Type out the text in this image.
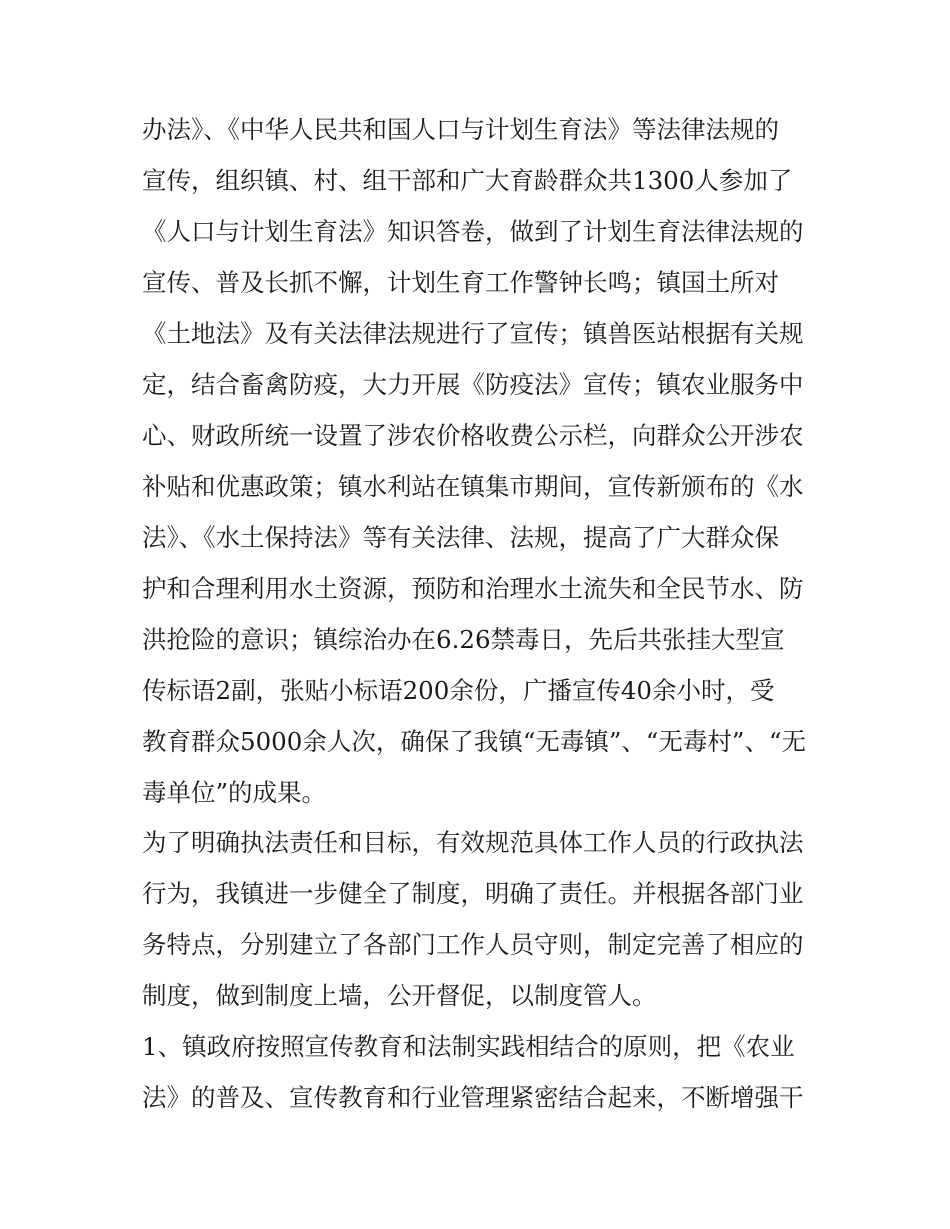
办法》、《中华人民共和国人口与计划生育法》等法律法规的
宣传，组织镇、村、组干部和广大育龄群众共1300人参加了
《人口与计划生育法》知识答卷，做到了计划生育法律法规的
宣传、普及长抓不懈，计划生育工作警钟长鸣；镇国土所对
《土地法》及有关法律法规进行了宣传；镇兽医站根据有关规
定，结合畜禽防疫，大力开展《防疫法》宣传；镇农业服务中
心、财政所统一设置了涉农价格收费公示栏，向群众公开涉农
补贴和优惠政策；镇水利站在镇集市期间，宣传新颁布的《水
法》、《水土保持法》等有关法律、法规，提高了广大群众保
护和合理利用水土资源，预防和治理水土流失和全民节水、防
洪抢险的意识；镇综治办在6.26禁毒日，先后共张挂大型宣
传标语2副，张贴小标语200余份，广播宣传40余小时，受
教育群众5000余人次，确保了我镇“无毒镇”、“无毒村”、“无
毒单位”的成果。
为了明确执法责任和目标，有效规范具体工作人员的行政执法
行为，我镇进一步健全了制度，明确了责任。并根据各部门业
务特点，分别建立了各部门工作人员守则，制定完善了相应的
制度，做到制度上墙，公开督促，以制度管人。
1、镇政府按照宣传教育和法制实践相结合的原则，把《农业
法》的普及、宣传教育和行业管理紧密结合起来，不断增强干
